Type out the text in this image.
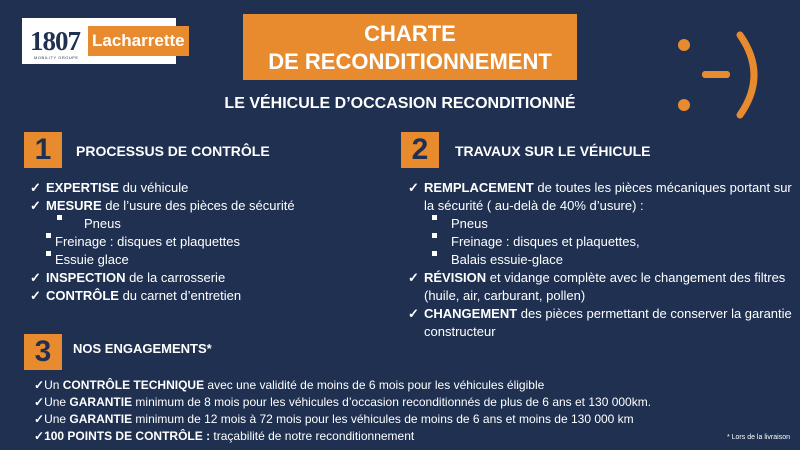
1807 Lacharrette
MOBILITY GROUPE
CHARTE
DE RECONDITIONNEMENT
LE VÉHICULE D’OCCASION RECONDITIONNÉ
1	PROCESSUS DE CONTRÔLE
✓ EXPERTISE du véhicule
✓ MESURE de l’usure des pièces de sécurité
Pneus
Freinage : disques et plaquettes
Essuie glace
✓ INSPECTION de la carrosserie
✓ CONTRÔLE du carnet d’entretien
2	TRAVAUX SUR LE VÉHICULE
✓ REMPLACEMENT de toutes les pièces mécaniques portant sur
la sécurité ( au-delà de 40% d’usure) :
Pneus
Freinage : disques et plaquettes,
Balais essuie-glace
✓ RÉVISION et vidange complète avec le changement des filtres
(huile, air, carburant, pollen)
✓ CHANGEMENT des pièces permettant de conserver la garantie
constructeur
3	NOS ENGAGEMENTS*
✓Un CONTRÔLE TECHNIQUE avec une validité de moins de 6 mois pour les véhicules éligible
✓Une GARANTIE minimum de 8 mois pour les véhicules d’occasion reconditionnés de plus de 6 ans et 130 000km.
✓Une GARANTIE minimum de 12 mois à 72 mois pour les véhicules de moins de 6 ans et moins de 130 000 km
✓100 POINTS DE CONTRÔLE : traçabilité de notre reconditionnement	* Lors de la livraison
